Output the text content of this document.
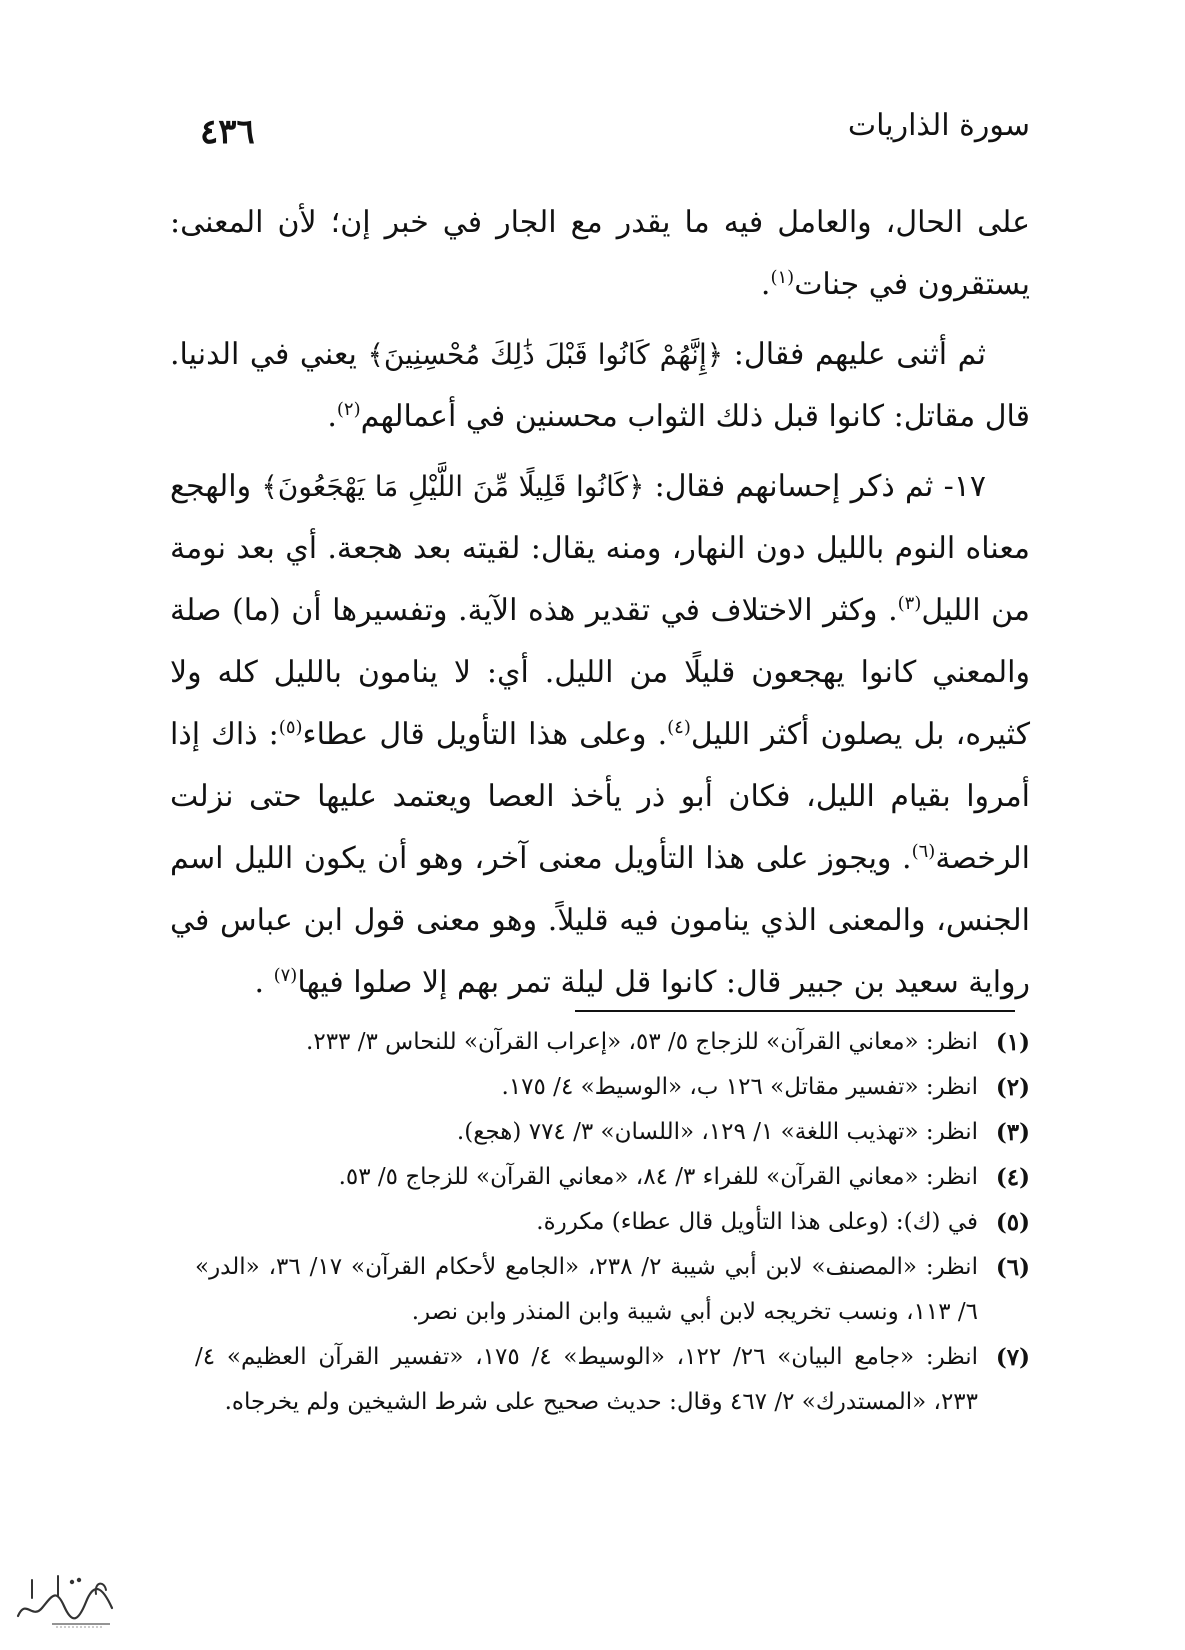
سورة الذاريات
٤٣٦

على الحال، والعامل فيه ما يقدر مع الجار في خبر إن؛ لأن المعنى: يستقرون في جنات$^{(١)}$.

ثم أثنى عليهم فقال: ﴿إِنَّهُمْ كَانُوا قَبْلَ ذَٰلِكَ مُحْسِنِينَ﴾ يعني في الدنيا. قال مقاتل: كانوا قبل ذلك الثواب محسنين في أعمالهم$^{(٢)}$.

١٧- ثم ذكر إحسانهم فقال: ﴿كَانُوا قَلِيلًا مِّنَ اللَّيْلِ مَا يَهْجَعُونَ﴾ والهجع معناه النوم بالليل دون النهار، ومنه يقال: لقيته بعد هجعة. أي بعد نومة من الليل$^{(٣)}$. وكثر الاختلاف في تقدير هذه الآية. وتفسيرها أن (ما) صلة والمعني كانوا يهجعون قليلًا من الليل. أي: لا ينامون بالليل كله ولا كثيره، بل يصلون أكثر الليل$^{(٤)}$. وعلى هذا التأويل قال عطاء$^{(٥)}$: ذاك إذا أمروا بقيام الليل، فكان أبو ذر يأخذ العصا ويعتمد عليها حتى نزلت الرخصة$^{(٦)}$. ويجوز على هذا التأويل معنى آخر، وهو أن يكون الليل اسم الجنس، والمعنى الذي ينامون فيه قليلاً. وهو معنى قول ابن عباس في رواية سعيد بن جبير قال: كانوا قل ليلة تمر بهم إلا صلوا فيها$^{(٧)}$ .

(١)
انظر: «معاني القرآن» للزجاج ٥/ ٥٣، «إعراب القرآن» للنحاس ٣/ ٢٣٣.
(٢)
انظر: «تفسير مقاتل» ١٢٦ ب، «الوسيط» ٤/ ١٧٥.
(٣)
انظر: «تهذيب اللغة» ١/ ١٢٩، «اللسان» ٣/ ٧٧٤ (هجع).
(٤)
انظر: «معاني القرآن» للفراء ٣/ ٨٤، «معاني القرآن» للزجاج ٥/ ٥٣.
(٥)
في (ك): (وعلى هذا التأويل قال عطاء) مكررة.
(٦)
انظر: «المصنف» لابن أبي شيبة ٢/ ٢٣٨، «الجامع لأحكام القرآن» ١٧/ ٣٦، «الدر» ٦/ ١١٣، ونسب تخريجه لابن أبي شيبة وابن المنذر وابن نصر.
(٧)
انظر: «جامع البيان» ٢٦/ ١٢٢، «الوسيط» ٤/ ١٧٥، «تفسير القرآن العظيم» ٤/ ٢٣٣، «المستدرك» ٢/ ٤٦٧ وقال: حديث صحيح على شرط الشيخين ولم يخرجاه.
